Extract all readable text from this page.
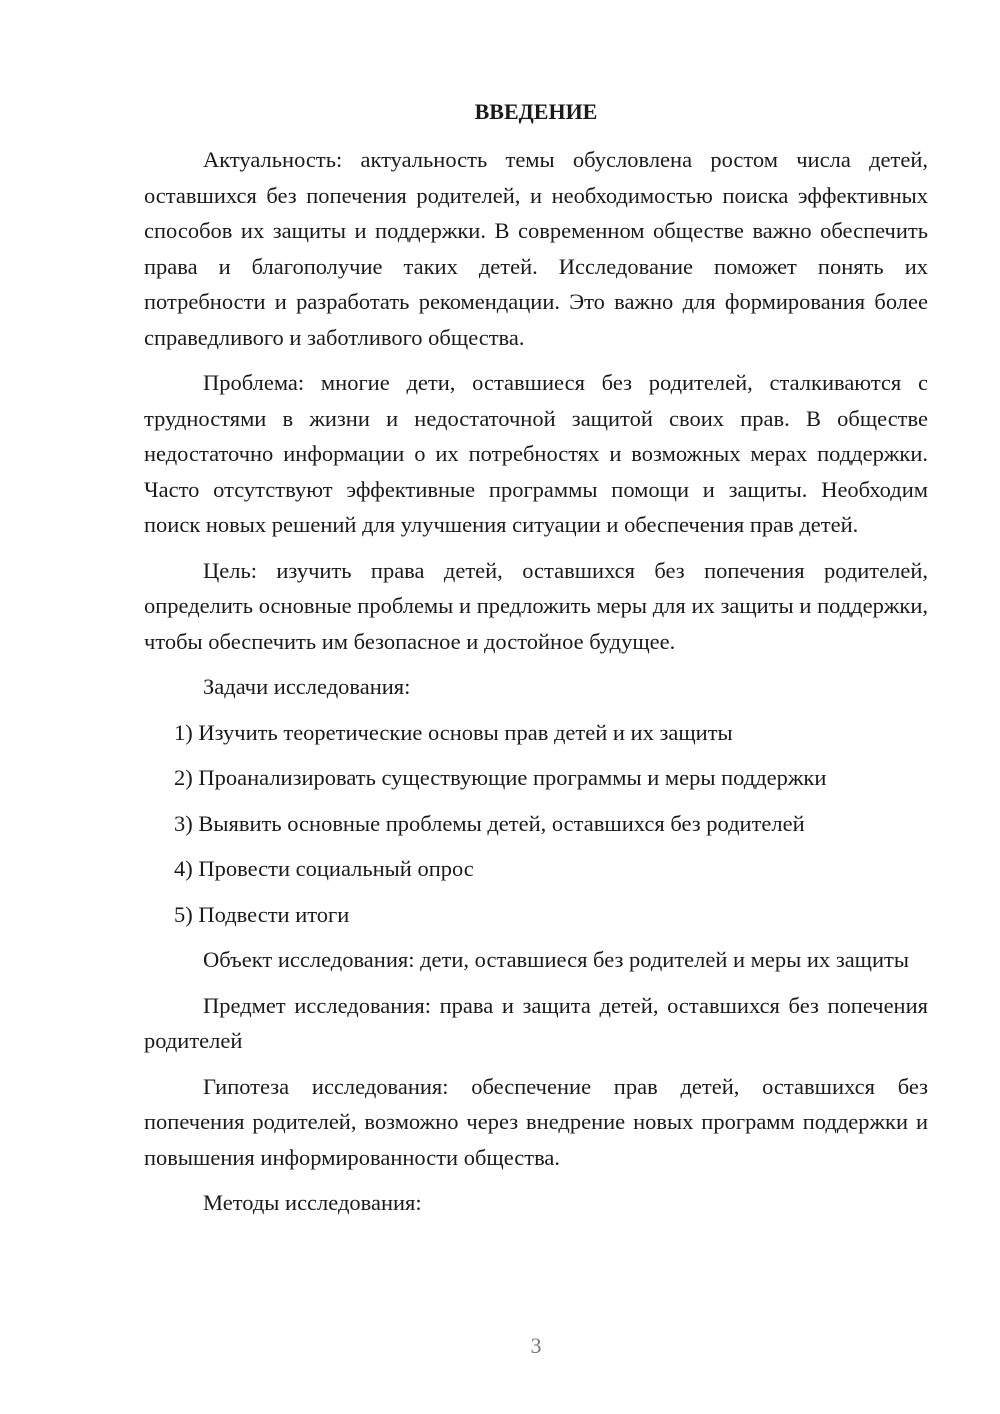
ВВЕДЕНИЕ

Актуальность: актуальность темы обусловлена ростом числа детей, оставшихся без попечения родителей, и необходимостью поиска эффективных способов их защиты и поддержки. В современном обществе важно обеспечить права и благополучие таких детей. Исследование поможет понять их потребности и разработать рекомендации. Это важно для формирования более справедливого и заботливого общества.

Проблема: многие дети, оставшиеся без родителей, сталкиваются с трудностями в жизни и недостаточной защитой своих прав. В обществе недостаточно информации о их потребностях и возможных мерах поддержки. Часто отсутствуют эффективные программы помощи и защиты. Необходим поиск новых решений для улучшения ситуации и обеспечения прав детей.

Цель: изучить права детей, оставшихся без попечения родителей, определить основные проблемы и предложить меры для их защиты и поддержки, чтобы обеспечить им безопасное и достойное будущее.

Задачи исследования:

1) Изучить теоретические основы прав детей и их защиты
2) Проанализировать существующие программы и меры поддержки
3) Выявить основные проблемы детей, оставшихся без родителей
4) Провести социальный опрос
5) Подвести итоги

Объект исследования: дети, оставшиеся без родителей и меры их защиты

Предмет исследования: права и защита детей, оставшихся без попечения родителей

Гипотеза исследования: обеспечение прав детей, оставшихся без попечения родителей, возможно через внедрение новых программ поддержки и повышения информированности общества.

Методы исследования:

3
